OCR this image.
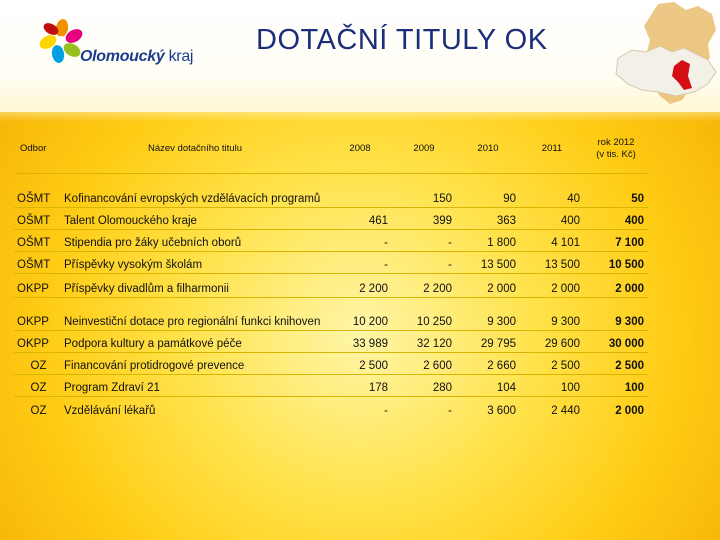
Olomoucký kraj
DOTAČNÍ TITULY OK
Odbor	Název dotačního titulu	2008	2009	2010	2011	rok 2012
(v tis. Kč)

OŠMT	Kofinancování evropských vzdělávacích programů		150	90	40	50
OŠMT	Talent Olomouckého kraje	461	399	363	400	400
OŠMT	Stipendia pro žáky učebních oborů	-	-	1 800	4 101	7 100
OŠMT	Příspěvky vysokým školám	-	-	13 500	13 500	10 500
OKPP	Příspěvky divadlům a filharmonii	2 200	2 200	2 000	2 000	2 000
OKPP	Neinvestiční dotace pro regionální funkci knihoven	10 200	10 250	9 300	9 300	9 300
OKPP	Podpora kultury a památkové péče	33 989	32 120	29 795	29 600	30 000
OZ	Financování protidrogové prevence	2 500	2 600	2 660	2 500	2 500
OZ	Program Zdraví 21	178	280	104	100	100
OZ	Vzdělávání lékařů	-	-	3 600	2 440	2 000
